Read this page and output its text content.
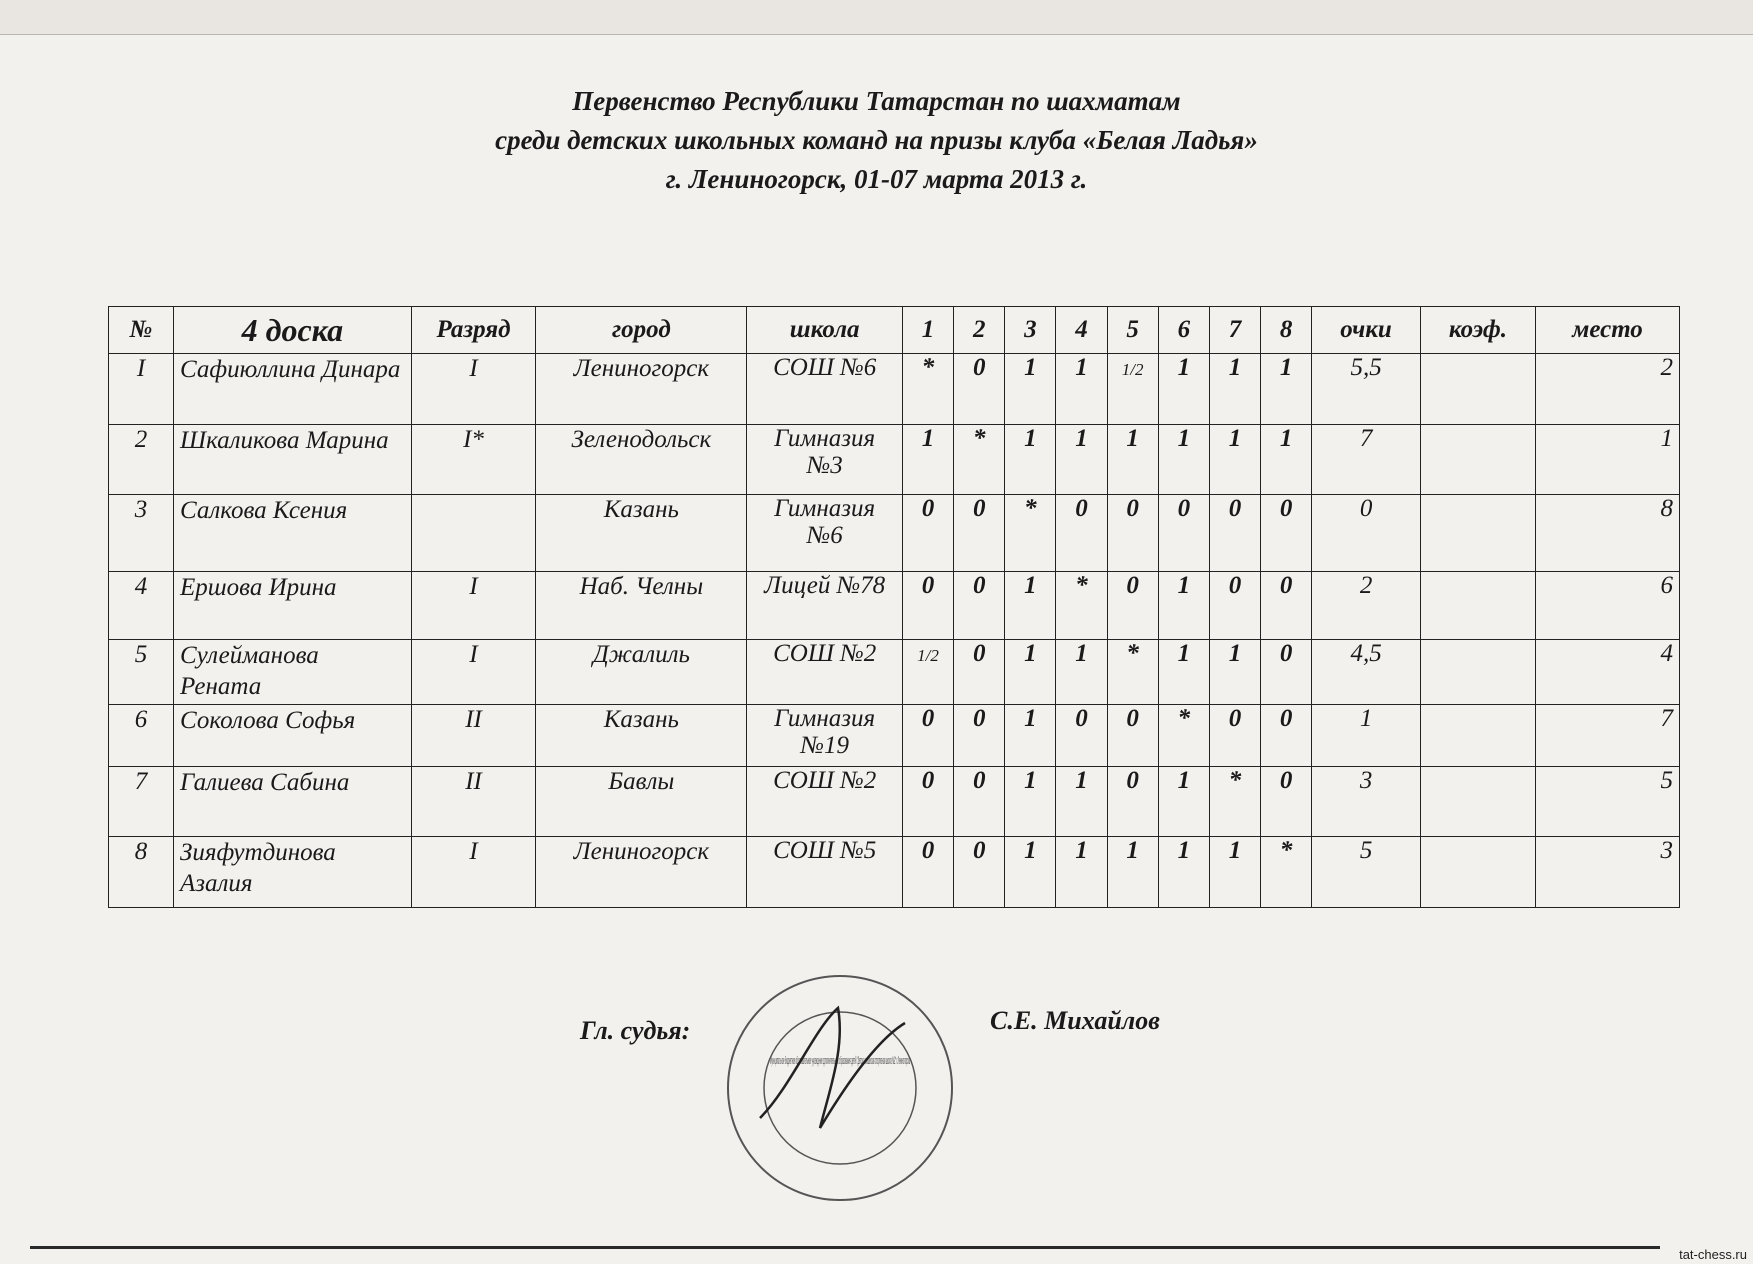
Первенство Республики Татарстан по шахматам
среди детских школьных команд на призы клуба «Белая Ладья»
г. Лениногорск, 01-07 марта 2013 г.
№	4 доска	Разряд	город	школа	1	2	3	4	5	6	7	8	очки	коэф.	место
I	Сафиюллина Динара	I	Лениногорск	СОШ №6	*	0	1	1	1/2	1	1	1	5,5		2
2	Шкаликова Марина	I*	Зеленодольск	Гимназия №3	1	*	1	1	1	1	1	1	7		1
3	Салкова Ксения		Казань	Гимназия №6	0	0	*	0	0	0	0	0	0		8
4	Ершова Ирина	I	Наб. Челны	Лицей №78	0	0	1	*	0	1	0	0	2		6
5	Сулейманова Рената	I	Джалиль	СОШ №2	1/2	0	1	1	*	1	1	0	4,5		4
6	Соколова Софья	II	Казань	Гимназия №19	0	0	1	0	0	*	0	0	1		7
7	Галиева Сабина	II	Бавлы	СОШ №2	0	0	1	1	0	1	*	0	3		5
8	Зияфутдинова Азалия	I	Лениногорск	СОШ №5	0	0	1	1	1	1	1	*	5		3
Гл. судья:
Муниципальное бюджетное образовательное учреждение дополнительного образования детей "Детско-юношеская спортивная школа №2" г.Лениногорска
С.Е. Михайлов
tat-chess.ru
